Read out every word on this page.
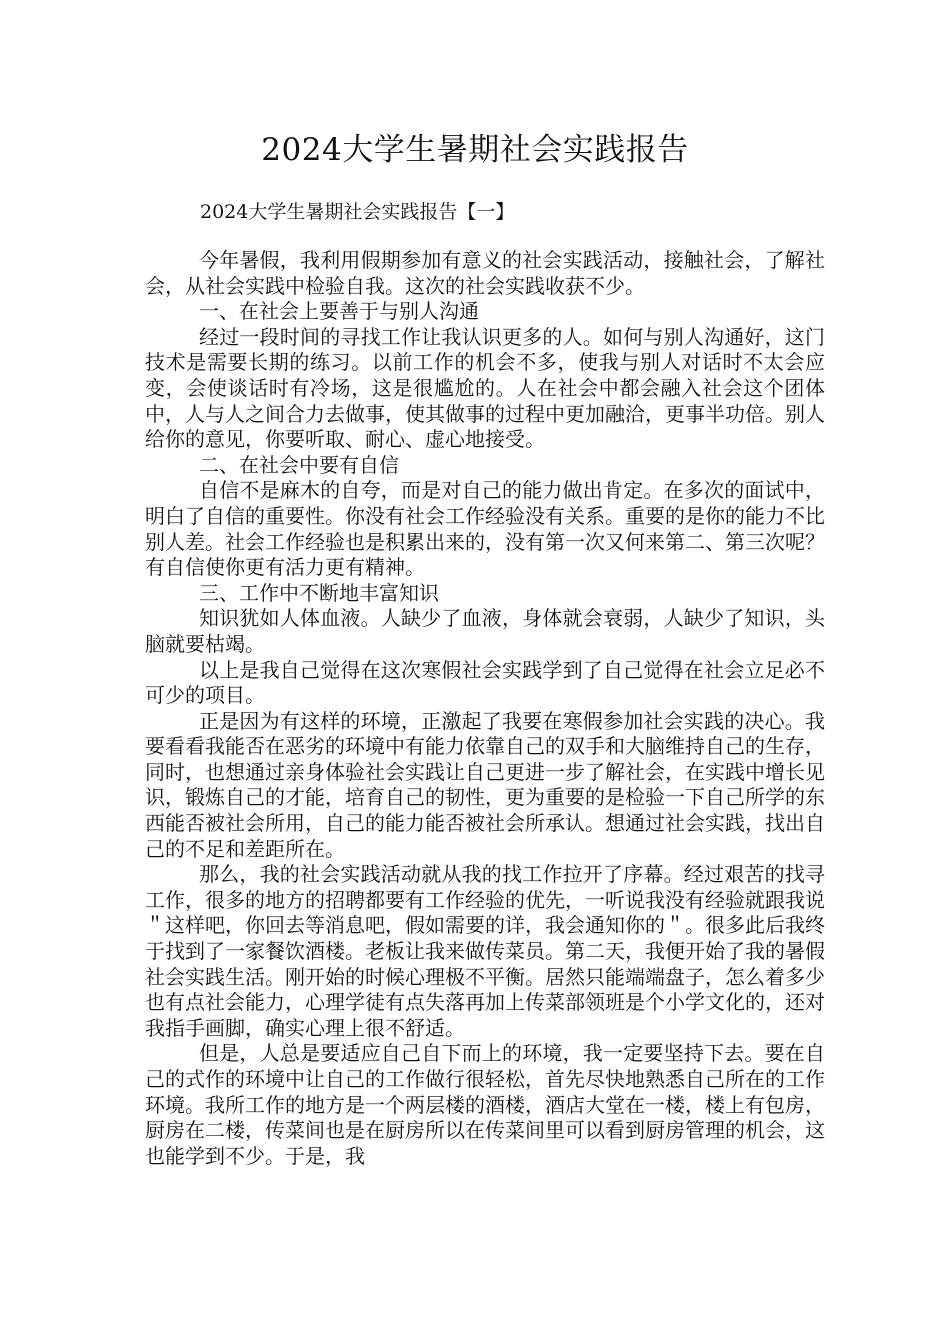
2024大学生暑期社会实践报告

2024大学生暑期社会实践报告【一】

今年暑假，我利用假期参加有意义的社会实践活动，接触社会，了解社会，从社会实践中检验自我。这次的社会实践收获不少。

一、在社会上要善于与别人沟通

经过一段时间的寻找工作让我认识更多的人。如何与别人沟通好，这门技术是需要长期的练习。以前工作的机会不多，使我与别人对话时不太会应变，会使谈话时有冷场，这是很尴尬的。人在社会中都会融入社会这个团体中，人与人之间合力去做事，使其做事的过程中更加融洽，更事半功倍。别人给你的意见，你要听取、耐心、虚心地接受。

二、在社会中要有自信

自信不是麻木的自夸，而是对自己的能力做出肯定。在多次的面试中，明白了自信的重要性。你没有社会工作经验没有关系。重要的是你的能力不比别人差。社会工作经验也是积累出来的，没有第一次又何来第二、第三次呢？有自信使你更有活力更有精神。

三、工作中不断地丰富知识

知识犹如人体血液。人缺少了血液，身体就会衰弱，人缺少了知识，头脑就要枯竭。

以上是我自己觉得在这次寒假社会实践学到了自己觉得在社会立足必不可少的项目。

正是因为有这样的环境，正激起了我要在寒假参加社会实践的决心。我要看看我能否在恶劣的环境中有能力依靠自己的双手和大脑维持自己的生存，同时，也想通过亲身体验社会实践让自己更进一步了解社会，在实践中增长见识，锻炼自己的才能，培育自己的韧性，更为重要的是检验一下自己所学的东西能否被社会所用，自己的能力能否被社会所承认。想通过社会实践，找出自己的不足和差距所在。

那么，我的社会实践活动就从我的找工作拉开了序幕。经过艰苦的找寻工作，很多的地方的招聘都要有工作经验的优先，一听说我没有经验就跟我说＂这样吧，你回去等消息吧，假如需要的详，我会通知你的＂。很多此后我终于找到了一家餐饮酒楼。老板让我来做传菜员。第二天，我便开始了我的暑假社会实践生活。刚开始的时候心理极不平衡。居然只能端端盘子，怎么着多少也有点社会能力，心理学徒有点失落再加上传菜部领班是个小学文化的，还对我指手画脚，确实心理上很不舒适。

但是，人总是要适应自己自下而上的环境，我一定要坚持下去。要在自己的式作的环境中让自己的工作做行很轻松，首先尽快地熟悉自己所在的工作环境。我所工作的地方是一个两层楼的酒楼，酒店大堂在一楼，楼上有包房，厨房在二楼，传菜间也是在厨房所以在传菜间里可以看到厨房管理的机会，这也能学到不少。于是，我
